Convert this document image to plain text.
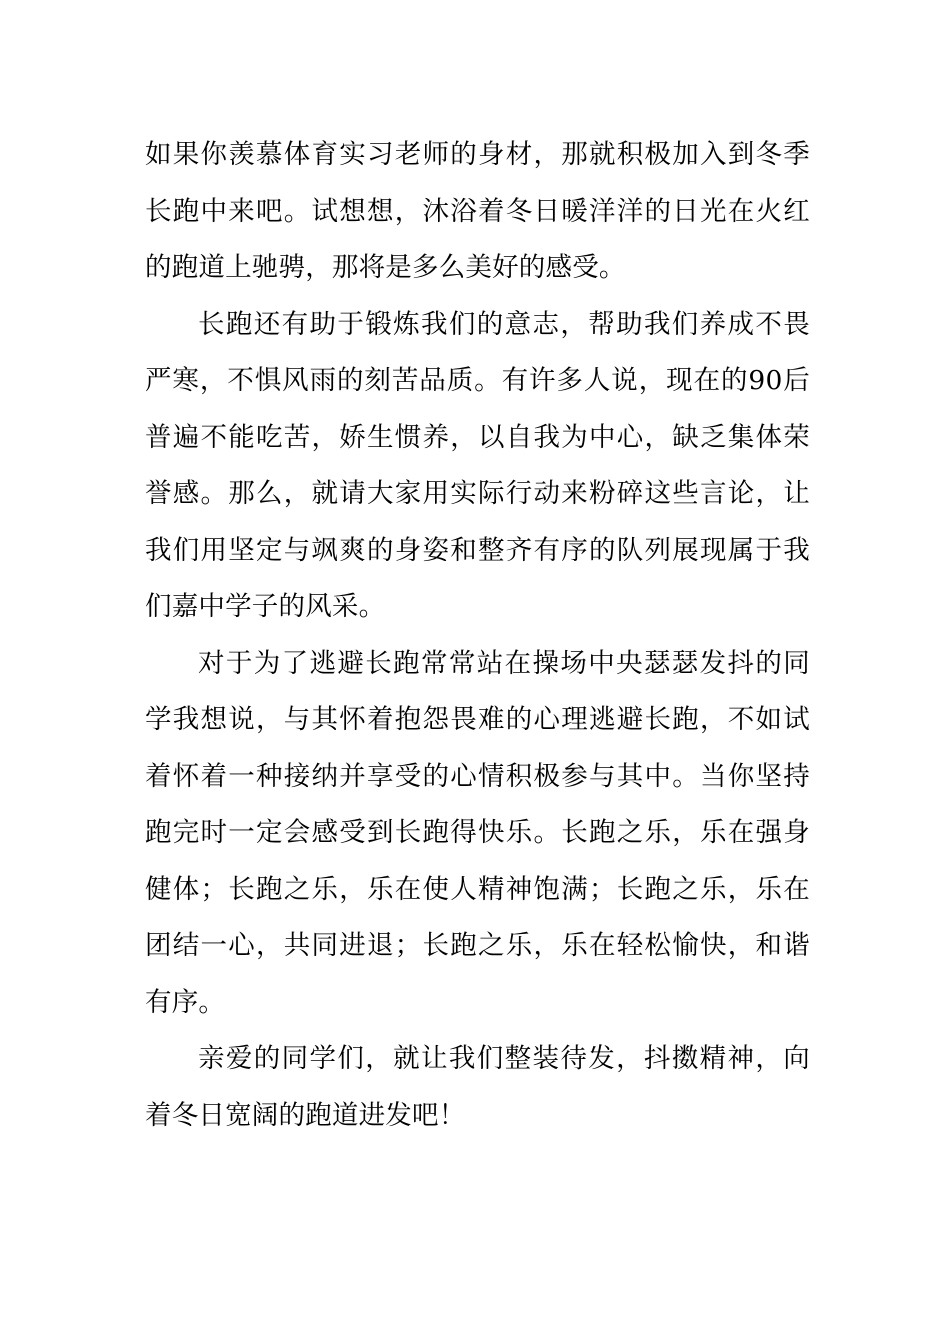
如果你羡慕体育实习老师的身材，那就积极加入到冬季长跑中来吧。试想想，沐浴着冬日暖洋洋的日光在火红的跑道上驰骋，那将是多么美好的感受。

长跑还有助于锻炼我们的意志，帮助我们养成不畏严寒，不惧风雨的刻苦品质。有许多人说，现在的90后普遍不能吃苦，娇生惯养，以自我为中心，缺乏集体荣誉感。那么，就请大家用实际行动来粉碎这些言论，让我们用坚定与飒爽的身姿和整齐有序的队列展现属于我们嘉中学子的风采。

对于为了逃避长跑常常站在操场中央瑟瑟发抖的同学我想说，与其怀着抱怨畏难的心理逃避长跑，不如试着怀着一种接纳并享受的心情积极参与其中。当你坚持跑完时一定会感受到长跑得快乐。长跑之乐，乐在强身健体；长跑之乐，乐在使人精神饱满；长跑之乐，乐在团结一心，共同进退；长跑之乐，乐在轻松愉快，和谐有序。

亲爱的同学们，就让我们整装待发，抖擞精神，向着冬日宽阔的跑道进发吧！
